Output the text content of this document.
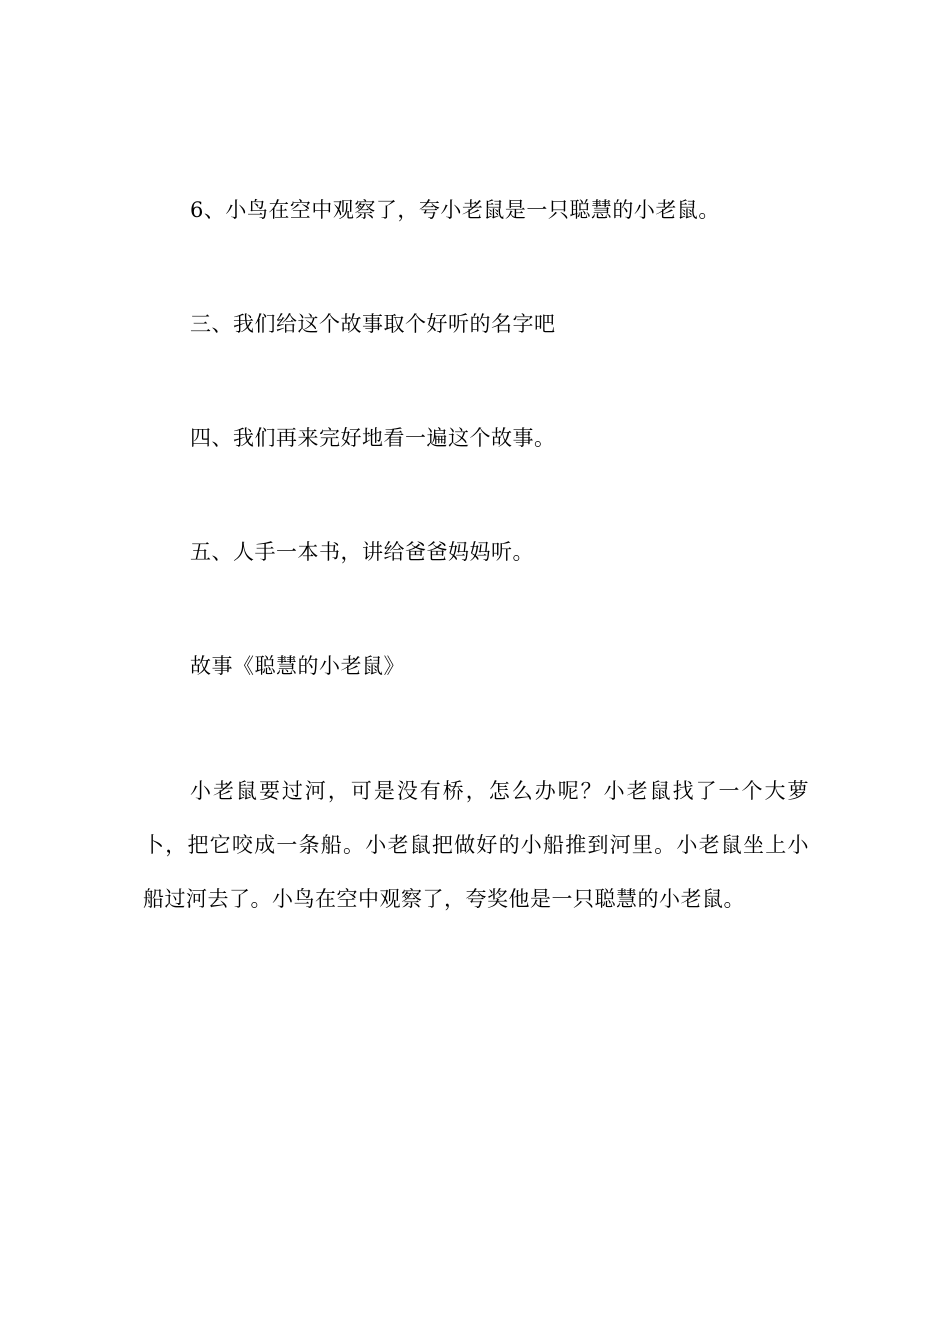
6、小鸟在空中观察了，夸小老鼠是一只聪慧的小老鼠。
三、我们给这个故事取个好听的名字吧
四、我们再来完好地看一遍这个故事。
五、人手一本书，讲给爸爸妈妈听。
故事《聪慧的小老鼠》
小老鼠要过河，可是没有桥，怎么办呢？小老鼠找了一个大萝卜，把它咬成一条船。小老鼠把做好的小船推到河里。小老鼠坐上小船过河去了。小鸟在空中观察了，夸奖他是一只聪慧的小老鼠。
